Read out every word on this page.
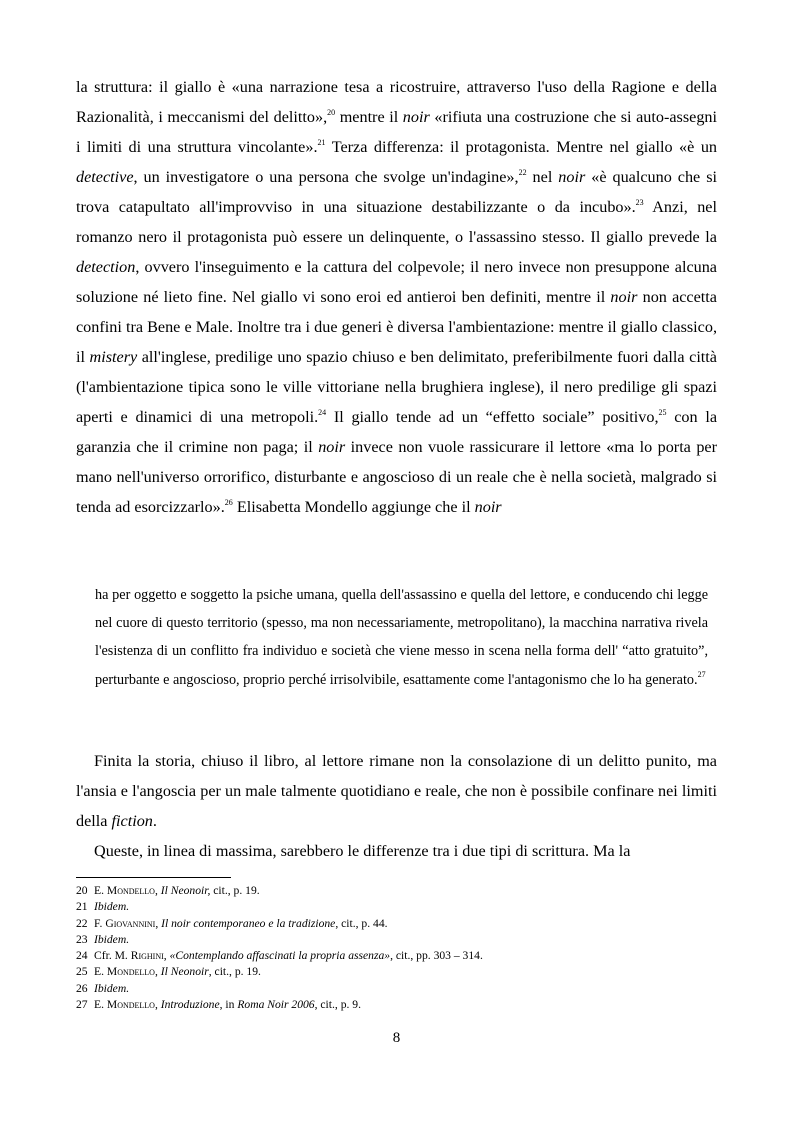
la struttura: il giallo è «una narrazione tesa a ricostruire, attraverso l'uso della Ragione e della Razionalità, i meccanismi del delitto»,$^{20}$ mentre il noir «rifiuta una costruzione che si auto-assegni i limiti di una struttura vincolante».$^{21}$ Terza differenza: il protagonista. Mentre nel giallo «è un detective, un investigatore o una persona che svolge un'indagine»,$^{22}$ nel noir «è qualcuno che si trova catapultato all'improvviso in una situazione destabilizzante o da incubo».$^{23}$ Anzi, nel romanzo nero il protagonista può essere un delinquente, o l'assassino stesso. Il giallo prevede la detection, ovvero l'inseguimento e la cattura del colpevole; il nero invece non presuppone alcuna soluzione né lieto fine. Nel giallo vi sono eroi ed antieroi ben definiti, mentre il noir non accetta confini tra Bene e Male. Inoltre tra i due generi è diversa l'ambientazione: mentre il giallo classico, il mistery all'inglese, predilige uno spazio chiuso e ben delimitato, preferibilmente fuori dalla città (l'ambientazione tipica sono le ville vittoriane nella brughiera inglese), il nero predilige gli spazi aperti e dinamici di una metropoli.$^{24}$ Il giallo tende ad un “effetto sociale” positivo,$^{25}$ con la garanzia che il crimine non paga; il noir invece non vuole rassicurare il lettore «ma lo porta per mano nell'universo orrorifico, disturbante e angoscioso di un reale che è nella società, malgrado si tenda ad esorcizzarlo».$^{26}$ Elisabetta Mondello aggiunge che il noir

ha per oggetto e soggetto la psiche umana, quella dell'assassino e quella del lettore, e conducendo chi legge nel cuore di questo territorio (spesso, ma non necessariamente, metropolitano), la macchina narrativa rivela l'esistenza di un conflitto fra individuo e società che viene messo in scena nella forma dell' “atto gratuito”, perturbante e angoscioso, proprio perché irrisolvibile, esattamente come l'antagonismo che lo ha generato.$^{27}$

Finita la storia, chiuso il libro, al lettore rimane non la consolazione di un delitto punito, ma l'ansia e l'angoscia per un male talmente quotidiano e reale, che non è possibile confinare nei limiti della fiction.

Queste, in linea di massima, sarebbero le differenze tra i due tipi di scrittura. Ma la

20 E. Mondello, Il Neonoir, cit., p. 19.
21 Ibidem.
22 F. Giovannini, Il noir contemporaneo e la tradizione, cit., p. 44.
23 Ibidem.
24 Cfr. M. Righini, «Contemplando affascinati la propria assenza», cit., pp. 303 – 314.
25 E. Mondello, Il Neonoir, cit., p. 19.
26 Ibidem.
27 E. Mondello, Introduzione, in Roma Noir 2006, cit., p. 9.
8
